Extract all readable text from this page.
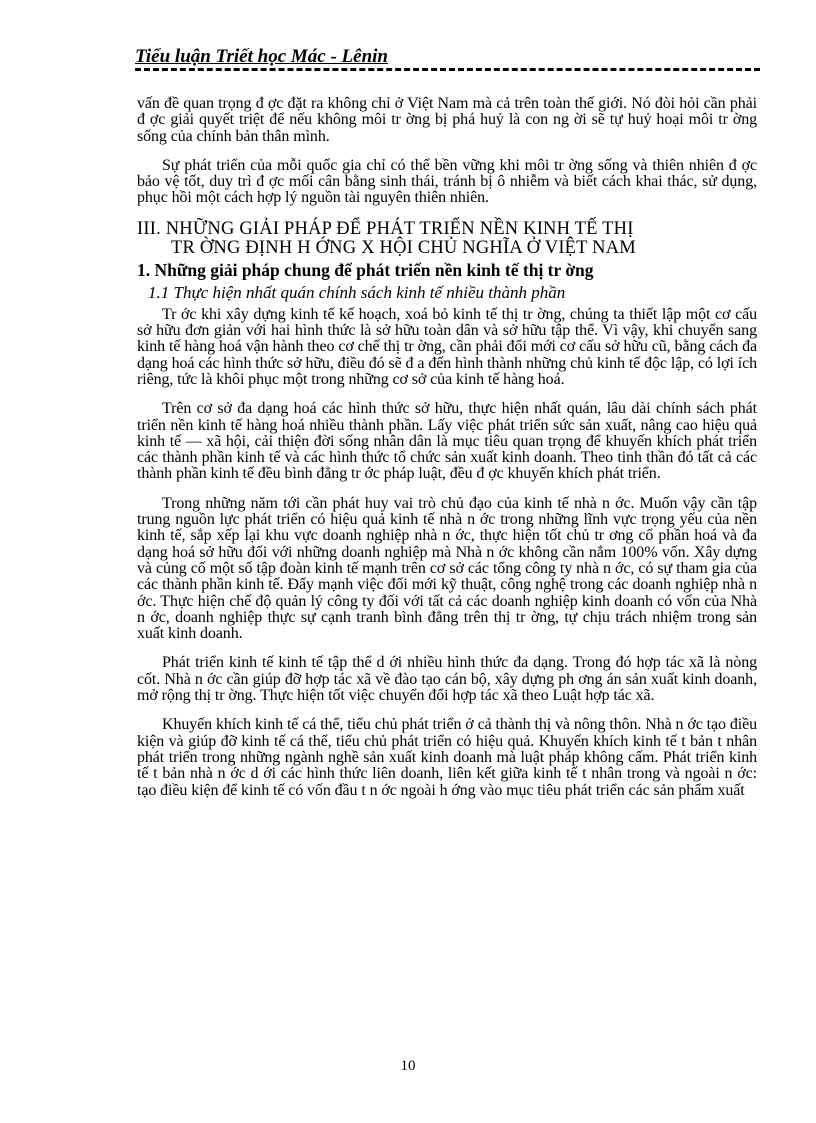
Tiểu luận Triết học Mác - Lênin

vấn đề quan trọng đ ợc đặt ra không chỉ ở Việt Nam mà cả trên toàn thế giới. Nó đòi hỏi cần phải đ ợc giải quyết triệt để nếu không môi tr ờng bị phá huỷ là con ng ời sẽ tự huỷ hoại môi tr ờng sống của chính bản thân mình.

Sự phát triển của mỗi quốc gia chỉ có thể bền vững khi môi tr ờng sống và thiên nhiên đ ợc bảo vệ tốt, duy trì đ ợc mối cân bằng sinh thái, tránh bị ô nhiễm và biết cách khai thác, sử dụng, phục hồi một cách hợp lý nguồn tài nguyên thiên nhiên.

III. NHỮNG GIẢI PHÁP ĐỂ PHÁT TRIỂN NỀN KINH TẾ THỊ
TR ỜNG ĐỊNH H ỚNG X HỘI CHỦ NGHĨA Ở VIỆT NAM
1. Những giải pháp chung để phát triển nền kinh tế thị tr ờng
1.1 Thực hiện nhất quán chính sách kinh tế nhiều thành phần

Tr ớc khi xây dựng kinh tế kế hoạch, xoá bỏ kinh tế thị tr ờng, chúng ta thiết lập một cơ cấu sở hữu đơn giản với hai hình thức là sở hữu toàn dân và sở hữu tập thể. Vì vậy, khi chuyển sang kinh tế hàng hoá vận hành theo cơ chế thị tr ờng, cần phải đổi mới cơ cấu sở hữu cũ, bằng cách đa dạng hoá các hình thức sở hữu, điều đó sẽ đ a đến hình thành những chủ kinh tế độc lập, có lợi ích riêng, tức là khôi phục một trong những cơ sở của kinh tế hàng hoá.

Trên cơ sở đa dạng hoá các hình thức sở hữu, thực hiện nhất quán, lâu dài chính sách phát triển nền kinh tế hàng hoá nhiều thành phần. Lấy việc phát triển sức sản xuất, nâng cao hiệu quả kinh tế — xã hội, cải thiện đời sống nhân dân là mục tiêu quan trọng để khuyến khích phát triển các thành phần kinh tế và các hình thức tổ chức sản xuất kinh doanh. Theo tinh thần đó tất cả các thành phần kinh tế đều bình đẳng tr ớc pháp luật, đều đ ợc khuyến khích phát triển.

Trong những năm tới cần phát huy vai trò chủ đạo của kinh tế nhà n ớc. Muốn vậy cần tập trung nguồn lực phát triển có hiệu quả kinh tế nhà n ớc trong những lĩnh vực trọng yếu của nền kinh tế, sắp xếp lại khu vực doanh nghiệp nhà n ớc, thực hiện tốt chủ tr ơng cổ phần hoá và đa dạng hoá sở hữu đối với những doanh nghiệp mà Nhà n ớc không cần nắm 100% vốn. Xây dựng và củng cố một số tập đoàn kinh tế mạnh trên cơ sở các tổng công ty nhà n ớc, có sự tham gia của các thành phần kinh tế. Đẩy mạnh việc đổi mới kỹ thuật, công nghệ trong các doanh nghiệp nhà n ớc. Thực hiện chế độ quản lý công ty đối với tất cả các doanh nghiệp kinh doanh có vốn của Nhà n ớc, doanh nghiệp thực sự cạnh tranh bình đẳng trên thị tr ờng, tự chịu trách nhiệm trong sản xuất kinh doanh.

Phát triển kinh tế kinh tế tập thể d ới nhiều hình thức đa dạng. Trong đó hợp tác xã là nòng cốt. Nhà n ớc cần giúp đỡ hợp tác xã về đào tạo cán bộ, xây dựng ph ơng án sản xuất kinh doanh, mở rộng thị tr ờng. Thực hiện tốt việc chuyển đổi hợp tác xã theo Luật hợp tác xã.

Khuyến khích kinh tế cá thể, tiểu chủ phát triển ở cả thành thị và nông thôn. Nhà n ớc tạo điều kiện và giúp đỡ kinh tế cá thể, tiểu chủ phát triển có hiệu quả. Khuyến khích kinh tế t bản t nhân phát triển trong những ngành nghề sản xuất kinh doanh mà luật pháp không cấm. Phát triển kinh tế t bản nhà n ớc d ới các hình thức liên doanh, liên kết giữa kinh tế t nhân trong và ngoài n ớc: tạo điều kiện để kinh tế có vốn đầu t n ớc ngoài h ớng vào mục tiêu phát triển các sản phẩm xuất

10
